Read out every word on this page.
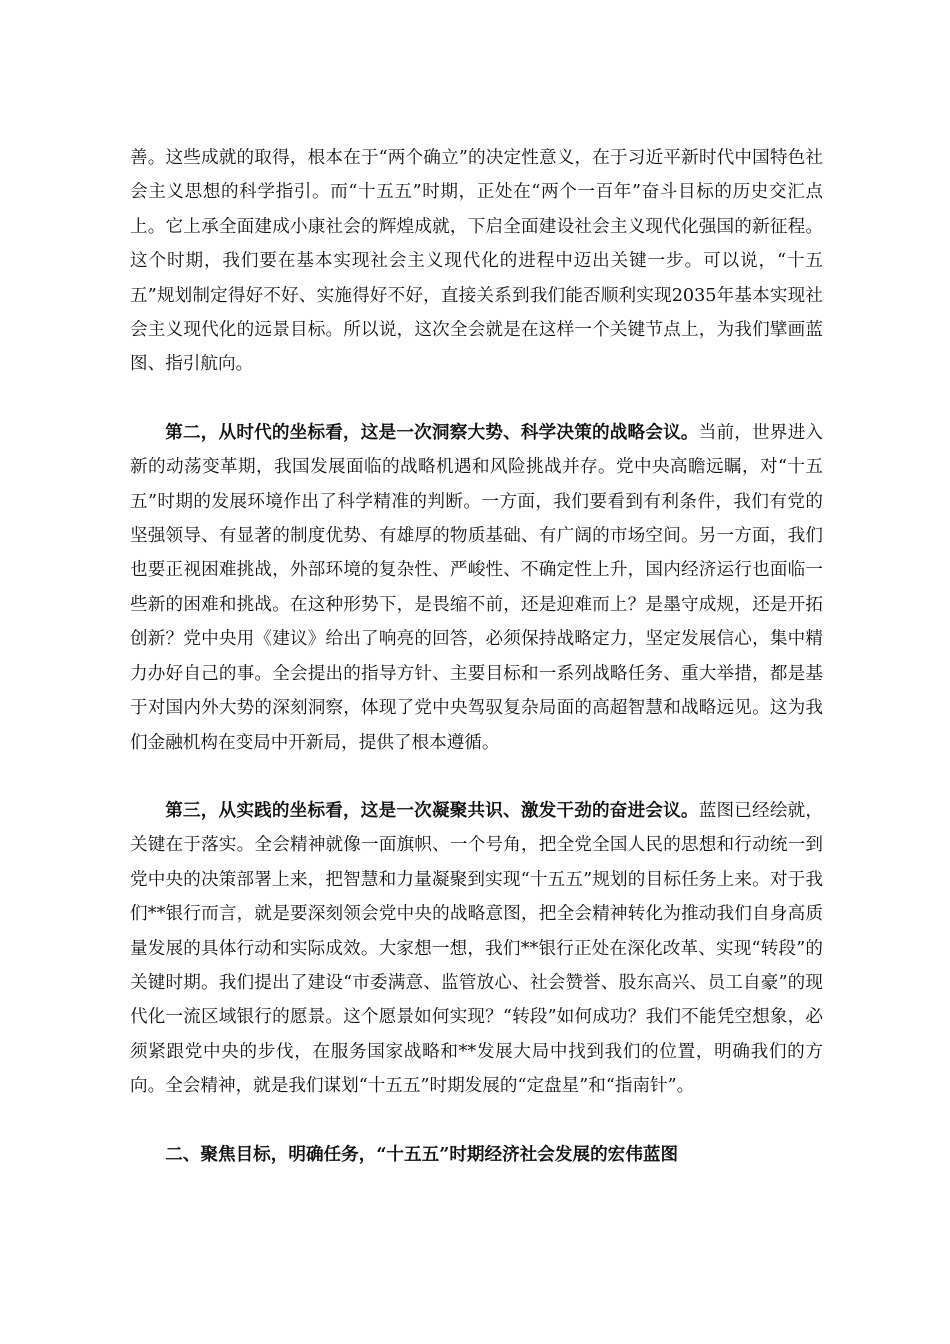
善。这些成就的取得，根本在于“两个确立”的决定性意义，在于习近平新时代中国特色社会主义思想的科学指引。而“十五五”时期，正处在“两个一百年”奋斗目标的历史交汇点上。它上承全面建成小康社会的辉煌成就，下启全面建设社会主义现代化强国的新征程。这个时期，我们要在基本实现社会主义现代化的进程中迈出关键一步。可以说，“十五五”规划制定得好不好、实施得好不好，直接关系到我们能否顺利实现2035年基本实现社会主义现代化的远景目标。所以说，这次全会就是在这样一个关键节点上，为我们擘画蓝图、指引航向。

第二，从时代的坐标看，这是一次洞察大势、科学决策的战略会议。当前，世界进入新的动荡变革期，我国发展面临的战略机遇和风险挑战并存。党中央高瞻远瞩，对“十五五”时期的发展环境作出了科学精准的判断。一方面，我们要看到有利条件，我们有党的坚强领导、有显著的制度优势、有雄厚的物质基础、有广阔的市场空间。另一方面，我们也要正视困难挑战，外部环境的复杂性、严峻性、不确定性上升，国内经济运行也面临一些新的困难和挑战。在这种形势下，是畏缩不前，还是迎难而上？是墨守成规，还是开拓创新？党中央用《建议》给出了响亮的回答，必须保持战略定力，坚定发展信心，集中精力办好自己的事。全会提出的指导方针、主要目标和一系列战略任务、重大举措，都是基于对国内外大势的深刻洞察，体现了党中央驾驭复杂局面的高超智慧和战略远见。这为我们金融机构在变局中开新局，提供了根本遵循。

第三，从实践的坐标看，这是一次凝聚共识、激发干劲的奋进会议。蓝图已经绘就，关键在于落实。全会精神就像一面旗帜、一个号角，把全党全国人民的思想和行动统一到党中央的决策部署上来，把智慧和力量凝聚到实现“十五五”规划的目标任务上来。对于我们**银行而言，就是要深刻领会党中央的战略意图，把全会精神转化为推动我们自身高质量发展的具体行动和实际成效。大家想一想，我们**银行正处在深化改革、实现“转段”的关键时期。我们提出了建设“市委满意、监管放心、社会赞誉、股东高兴、员工自豪”的现代化一流区域银行的愿景。这个愿景如何实现？“转段”如何成功？我们不能凭空想象，必须紧跟党中央的步伐，在服务国家战略和**发展大局中找到我们的位置，明确我们的方向。全会精神，就是我们谋划“十五五”时期发展的“定盘星”和“指南针”。

二、聚焦目标，明确任务，“十五五”时期经济社会发展的宏伟蓝图
